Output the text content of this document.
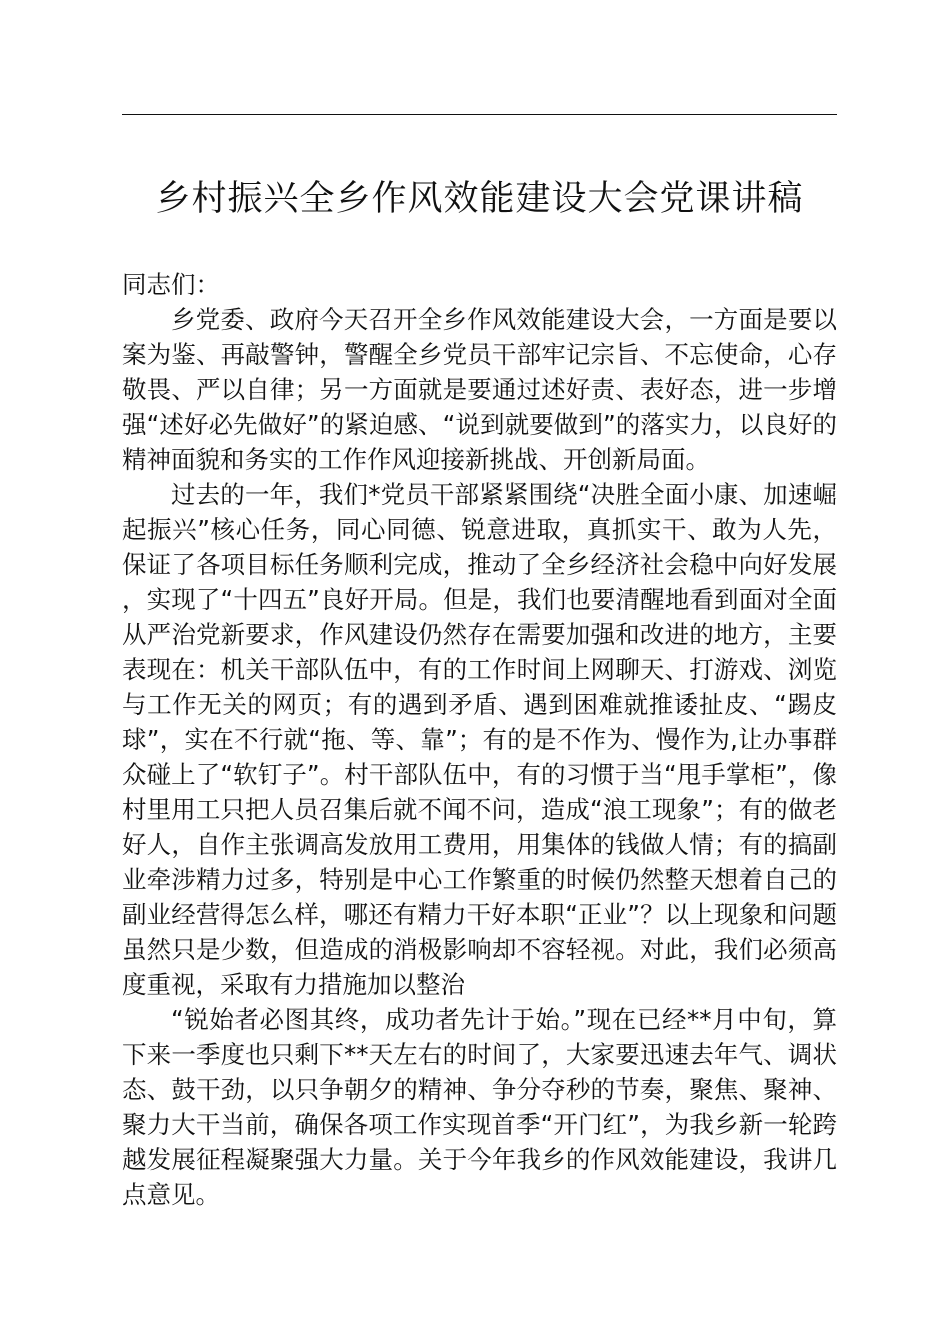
乡村振兴全乡作风效能建设大会党课讲稿

同志们：

乡党委、政府今天召开全乡作风效能建设大会，一方面是要以案为鉴、再敲警钟，警醒全乡党员干部牢记宗旨、不忘使命，心存敬畏、严以自律；另一方面就是要通过述好责、表好态，进一步增强“述好必先做好”的紧迫感、“说到就要做到”的落实力，以良好的精神面貌和务实的工作作风迎接新挑战、开创新局面。

过去的一年，我们*党员干部紧紧围绕“决胜全面小康、加速崛起振兴”核心任务，同心同德、锐意进取，真抓实干、敢为人先，保证了各项目标任务顺利完成，推动了全乡经济社会稳中向好发展，实现了“十四五”良好开局。但是，我们也要清醒地看到面对全面从严治党新要求，作风建设仍然存在需要加强和改进的地方，主要表现在：机关干部队伍中，有的工作时间上网聊天、打游戏、浏览与工作无关的网页；有的遇到矛盾、遇到困难就推诿扯皮、“踢皮球”，实在不行就“拖、等、靠”；有的是不作为、慢作为,让办事群众碰上了“软钉子”。村干部队伍中，有的习惯于当“甩手掌柜”，像村里用工只把人员召集后就不闻不问，造成“浪工现象”；有的做老好人，自作主张调高发放用工费用，用集体的钱做人情；有的搞副业牵涉精力过多，特别是中心工作繁重的时候仍然整天想着自己的副业经营得怎么样，哪还有精力干好本职“正业”？以上现象和问题虽然只是少数，但造成的消极影响却不容轻视。对此，我们必须高度重视，采取有力措施加以整治

“锐始者必图其终，成功者先计于始。”现在已经**月中旬，算下来一季度也只剩下**天左右的时间了，大家要迅速去年气、调状态、鼓干劲，以只争朝夕的精神、争分夺秒的节奏，聚焦、聚神、聚力大干当前，确保各项工作实现首季“开门红”，为我乡新一轮跨越发展征程凝聚强大力量。关于今年我乡的作风效能建设，我讲几点意见。
